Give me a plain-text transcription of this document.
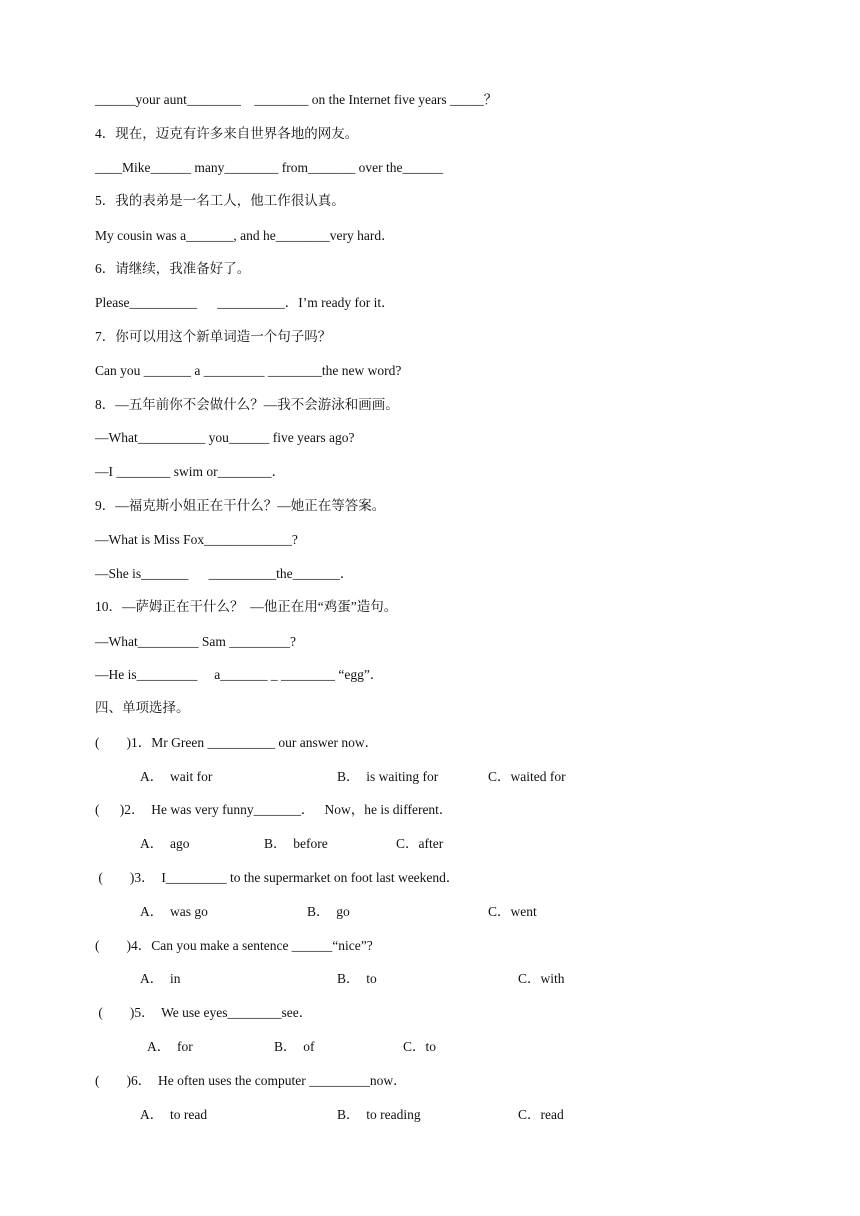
______your aunt________    ________ on the Internet five years _____？
4．现在，迈克有许多来自世界各地的网友。
____Mike______ many________ from_______ over the______
5．我的表弟是一名工人，他工作很认真。
My cousin was a_______, and he________very hard．
6．请继续，我准备好了。
Please__________      __________．I’m ready for it．
7．你可以用这个新单词造一个句子吗？
Can you _______ a _________ ________the new word?
8．—五年前你不会做什么？—我不会游泳和画画。
—What__________ you______ five years ago?
—I ________ swim or________．
9．—福克斯小姐正在干什么？—她正在等答案。
—What is Miss Fox_____________?
—She is_______      __________the_______．
10．—萨姆正在干什么？  —他正在用“鸡蛋”造句。
—What_________ Sam _________?
—He is_________     a_______ _ ________ “egg”．
四、单项选择。
(        )1．Mr Green __________ our answer now．
A．  wait for	B．  is waiting for	C．waited for
(      )2．  He was very funny_______．   Now，he is different．
A．  ago	B．  before	C．after
(        )3．  I_________ to the supermarket on foot last weekend．
A．  was go	B．  go	C．went
(        )4．Can you make a sentence ______“nice”?
A．  in	B．  to	C．with
(        )5．  We use eyes________see．
A．  for	B．  of	C．to
(        )6．  He often uses the computer _________now．
A．  to read	B．  to reading	C．read
